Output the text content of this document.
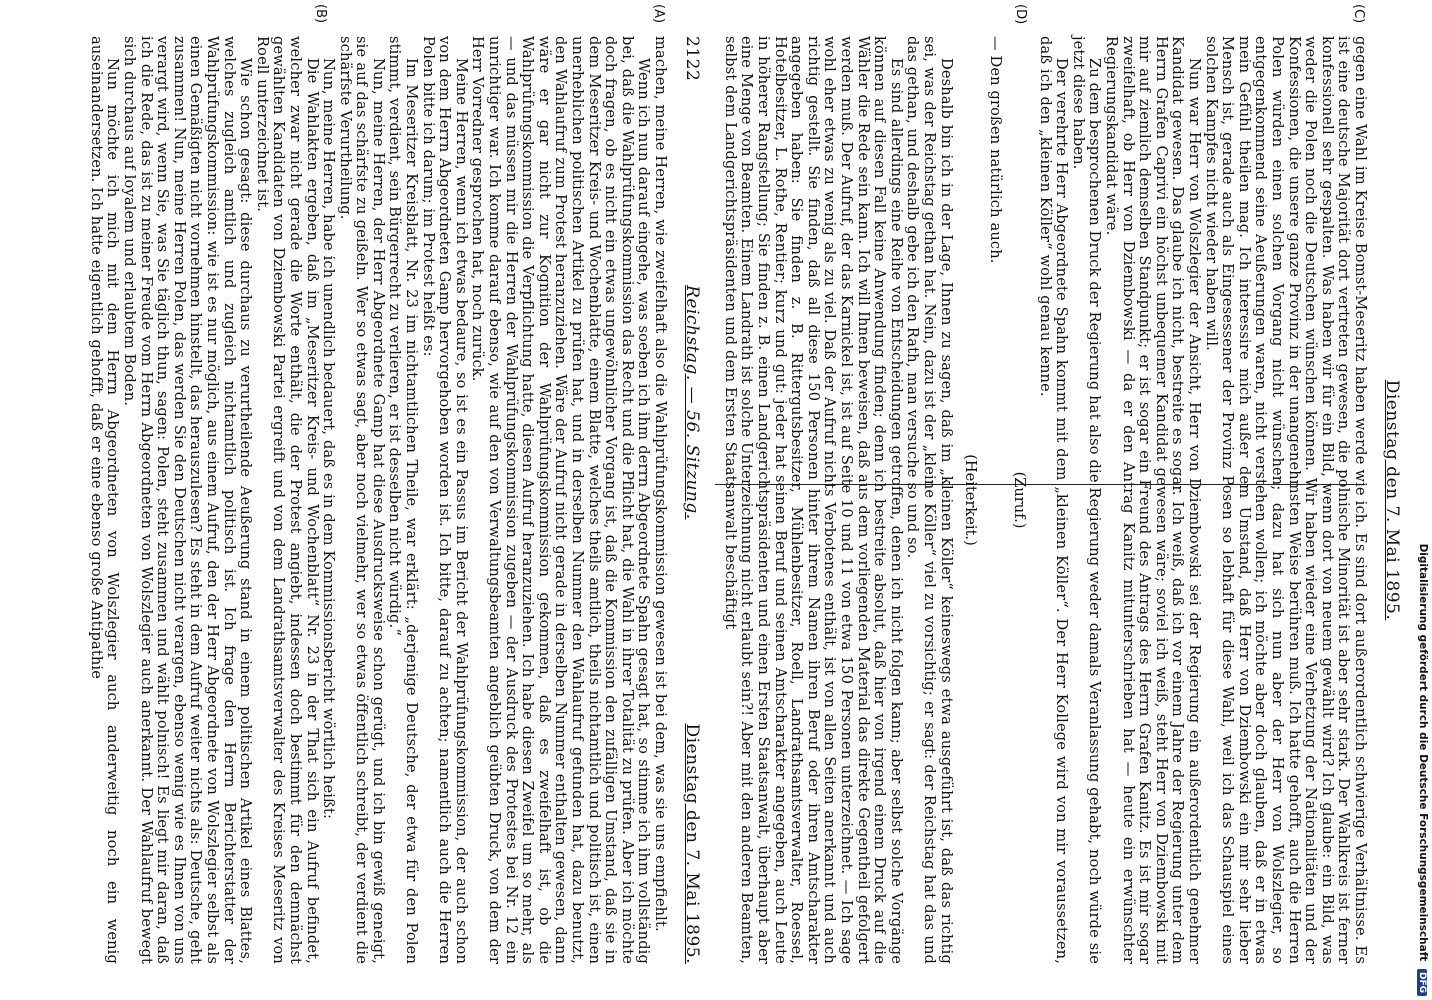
2122
Reichstag. — 56. Sitzung.
Dienstag den 7. Mai 1895.
(A)
(B)

machen, meine Herren, wie zweifelhaft also die Wahlprüfungskommission gewesen ist bei dem, was sie uns empfiehlt.

Wenn ich nun darauf eingehe, was soeben ich ihm derrn Abgeordnete Spahn gesagt hat, so stimme ich ihm vollständig bei, daß die Wahlprüfungskommission das Recht und die Pflicht hat, die Wahl in ihrer Totalität zu prüfen. Aber ich möchte doch fragen, ob es nicht ein etwas ungewöhnlicher Vorgang ist, daß die Kommission den zufälligen Umstand, daß sie in dem Meseritzer Kreis- und Wochenblatte, einem Blatte, welches theils amtlich, theils nichtamtlich und politisch ist, einen unerheblichen politischen Artikel zu prüfen hat, und in derselben Nummer den Wahlaufruf gefunden hat, dazu benutzt, den Wahlaufruf zum Protest heranzuziehen. Wäre der Aufruf nicht gerade in derselben Nummer enthalten gewesen, dann wäre er gar nicht zur Kognition der Wahlprüfungskommission gekommen, daß es zweifelhaft ist, ob die Wahlprüfungskommission die Verpflichtung hatte, diesen Aufruf heranzuziehen. Ich habe diesen Zweifel um so mehr, als — und das müssen mir die Herren der Wahlprüfungskommission zugeben — der Ausdruck des Protestes bei Nr. 12 ein unrichtiger war. Ich komme darauf ebenso, wie auf den von Verwaltungsbeamten angeblich geübten Druck, von dem der Herr Vorredner gesprochen hat, noch zurück.

Meine Herren, wenn ich etwas bedaure, so ist es ein Passus im Bericht der Wahlprüfungskommission, der auch schon von dem Herrn Abgeordneten Gamp hervorgehoben worden ist. Ich bitte, darauf zu achten; namentlich auch die Herren Polen bitte ich darum; im Protest heißt es:

Im Meseritzer Kreisblatt, Nr. 23 im nichtamtlichen Theile, war erklärt: „derjenige Deutsche, der etwa für den Polen stimmt, verdient, sein Bürgerrecht zu verlieren, er ist desselben nicht würdig.“

Nun, meine Herren, der Herr Abgeordnete Gamp hat diese Ausdrucksweise schon gerügt, und ich bin gewiß geneigt, sie auf das schärfste zu geißeln. Wer so etwas sagt, aber noch vielmehr, wer so etwas öffentlich schreibt, der verdient die schärfste Verurtheilung.

Nun, meine Herren, habe ich unendlich bedauert, daß es in dem Kommissionsbericht wörtlich heißt:

Die Wahlakten ergeben, daß im „Meseritzer Kreis- und Wochenblatt“ Nr. 23 in der That sich ein Aufruf befindet, welcher zwar nicht gerade die Worte enthält, die der Protest angiebt, indessen doch bestimmt für den demnächst gewählten Kandidaten von Dziembowski Partei ergreift und von dem Landrathsamtsverwalter des Kreises Meseritz von Roell unterzeichnet ist.

Wie schon gesagt: diese durchaus zu verurtheilende Aeußerung stand in einem politischen Artikel eines Blattes, welches zugleich amtlich und zugleich nichtamtlich politisch ist. Ich frage den Herrn Berichterstatter der Wahlprüfungskommission: wie ist es nur möglich, aus einem Aufruf, den der Herr Abgeordnete von Wolszlegier selbst als einen Gemäßigten nicht vornehmen hinstellt, das herauszulesen? Es steht in dem Aufruf weiter nichts als: Deutsche, geht zusammen! Nun, meine Herren Polen, das werden Sie den Deutschen nicht verargen, ebenso wenig wie es Ihnen von uns verargt wird, wenn Sie, was Sie täglich thun, sagen: Polen, steht zusammen und wählt polnisch! Es liegt mir daran, daß ich die Rede, das ist zu meiner Freude vom Herrn Abgeordneten von Wolszlegier auch anerkannt. Der Wahlaufruf bewegt sich durchaus auf loyalem und erlaubtem Boden.

Nun möchte ich mich mit dem Herrn Abgeordneten von Wolszlegier auch anderweitig noch ein wenig auseinandersetzen. Ich hatte eigentlich gehofft, daß er eine ebenso große Antipathie	Dienstag den 7. Mai 1895.
(C)
(D)

gegen eine Wahl im Kreise Bomst-Meseritz haben werde wie ich. Es sind dort außerordentlich schwierige Verhältnisse. Es ist eine deutsche Majorität dort vertreten gewesen, die polnische Minorität ist aber sehr stark. Der Wahlkreis ist ferner konfessionell sehr gespalten. Was haben wir für ein Bild, wenn dort von neuem gewählt wird? Ich glaube: ein Bild, was weder die Polen noch die Deutschen wünschen können. Wir haben wieder eine Verhetzung der Nationalitäten und der Konfessionen, die unsere ganze Provinz in der unangenehmsten Weise berühren muß. Ich hatte gehofft, auch die Herren Polen würden einen solchen Vorgang nicht wünschen; dazu hat sich nun aber der Herr von Wolszlegier, so entgegenkommend seine Aeußerungen waren, nicht verstehen wollen; ich möchte aber doch glauben, daß er in etwas mein Gefühl theilen mag. Ich interessire mich außer dem Umstand, daß Herr von Dziembowski ein mir sehr lieber Mensch ist, gerade auch als Eingesessener der Provinz Posen so lebhaft für diese Wahl, weil ich das Schauspiel eines solchen Kampfes nicht wieder haben will.

Nun war Herr von Wolszlegier der Ansicht, Herr von Dziembowski sei der Regierung ein außerordentlich genehmer Kandidat gewesen. Das glaube ich nicht, bestreite es sogar. Ich weiß, daß ich vor einem Jahre der Regierung unter dem Herrn Grafen Caprivi ein höchst unbequemer Kandidat gewesen wäre; soviel ich weiß, steht Herr von Dziembowski mit mir auf ziemlich demselben Standpunkt; er ist sogar ein Freund des Antrags des Herrn Grafen Kanitz. Es ist mir sogar zweifelhaft, ob Herr von Dziembowski — da er den Antrag Kanitz mitunterschrieben hat — heute ein erwünschter Regierungskandidat wäre.

Zu dem besprochenen Druck der Regierung hat also die Regierung weder damals Veranlassung gehabt, noch würde sie jetzt diese haben.

Der verehrte Herr Abgeordnete Spahn kommt mit dem „kleinen Köller“. Der Herr Kollege wird von mir voraussetzen, daß ich den „kleinen Köller“ wohl genau kenne.

(Zuruf.)

— Den großen natürlich auch.

(Heiterkeit.)

Deshalb bin ich in der Lage, Ihnen zu sagen, daß im „kleinen Köller“ keineswegs etwa ausgeführt ist, daß das richtig sei, was der Reichstag gethan hat. Nein, dazu ist der „kleine Köller“ viel zu vorsichtig; er sagt: der Reichstag hat das und das gethan, und deshalb gebe ich den Rath, man versuche so und so.

Es sind allerdings eine Reihe von Entscheidungen getroffen, denen ich nicht folgen kann; aber selbst solche Vorgänge können auf diesen Fall keine Anwendung finden; denn ich bestreite absolut, daß hier von irgend einem Druck auf die Wähler die Rede sein kann. Ich will Ihnen beweisen, daß aus dem vorliegenden Material das direkte Gegentheil gefolgert werden muß. Der Aufruf, der das Karnickel ist, ist auf Seite 10 und 11 von etwa 150 Personen unterzeichnet. — Ich sage wohl eher etwas zu wenig als zu viel. Daß der Aufruf nichts Verbotenes enthält, ist von allen Seiten anerkannt und auch richtig gestellt. Sie finden, daß all diese 150 Personen hinter ihrem Namen ihren Beruf oder ihren Amtscharakter angegeben haben: Sie finden z. B. Rittergutsbesitzer, Mühlenbesitzer, Roell, Landrathsamtsverwalter, Roessel, Hotelbesitzer, L. Rothe, Rentier; kurz und gut: jeder hat seinen Beruf und seinen Amtscharakter angegeben, auch Leute in höherer Rangstellung; Sie finden z. B. einen Landgerichtspräsidenten und einen Ersten Staatsanwalt, überhaupt aber eine Menge von Beamten. Einem Landrath ist solche Unterzeichnung nicht erlaubt sein?! Aber mit den anderen Beamten, selbst dem Landgerichtspräsidenten und dem Ersten Staatsanwalt beschäftigt

Digitalisierung gefördert durch die Deutsche Forschungsgemeinschaft DFG
